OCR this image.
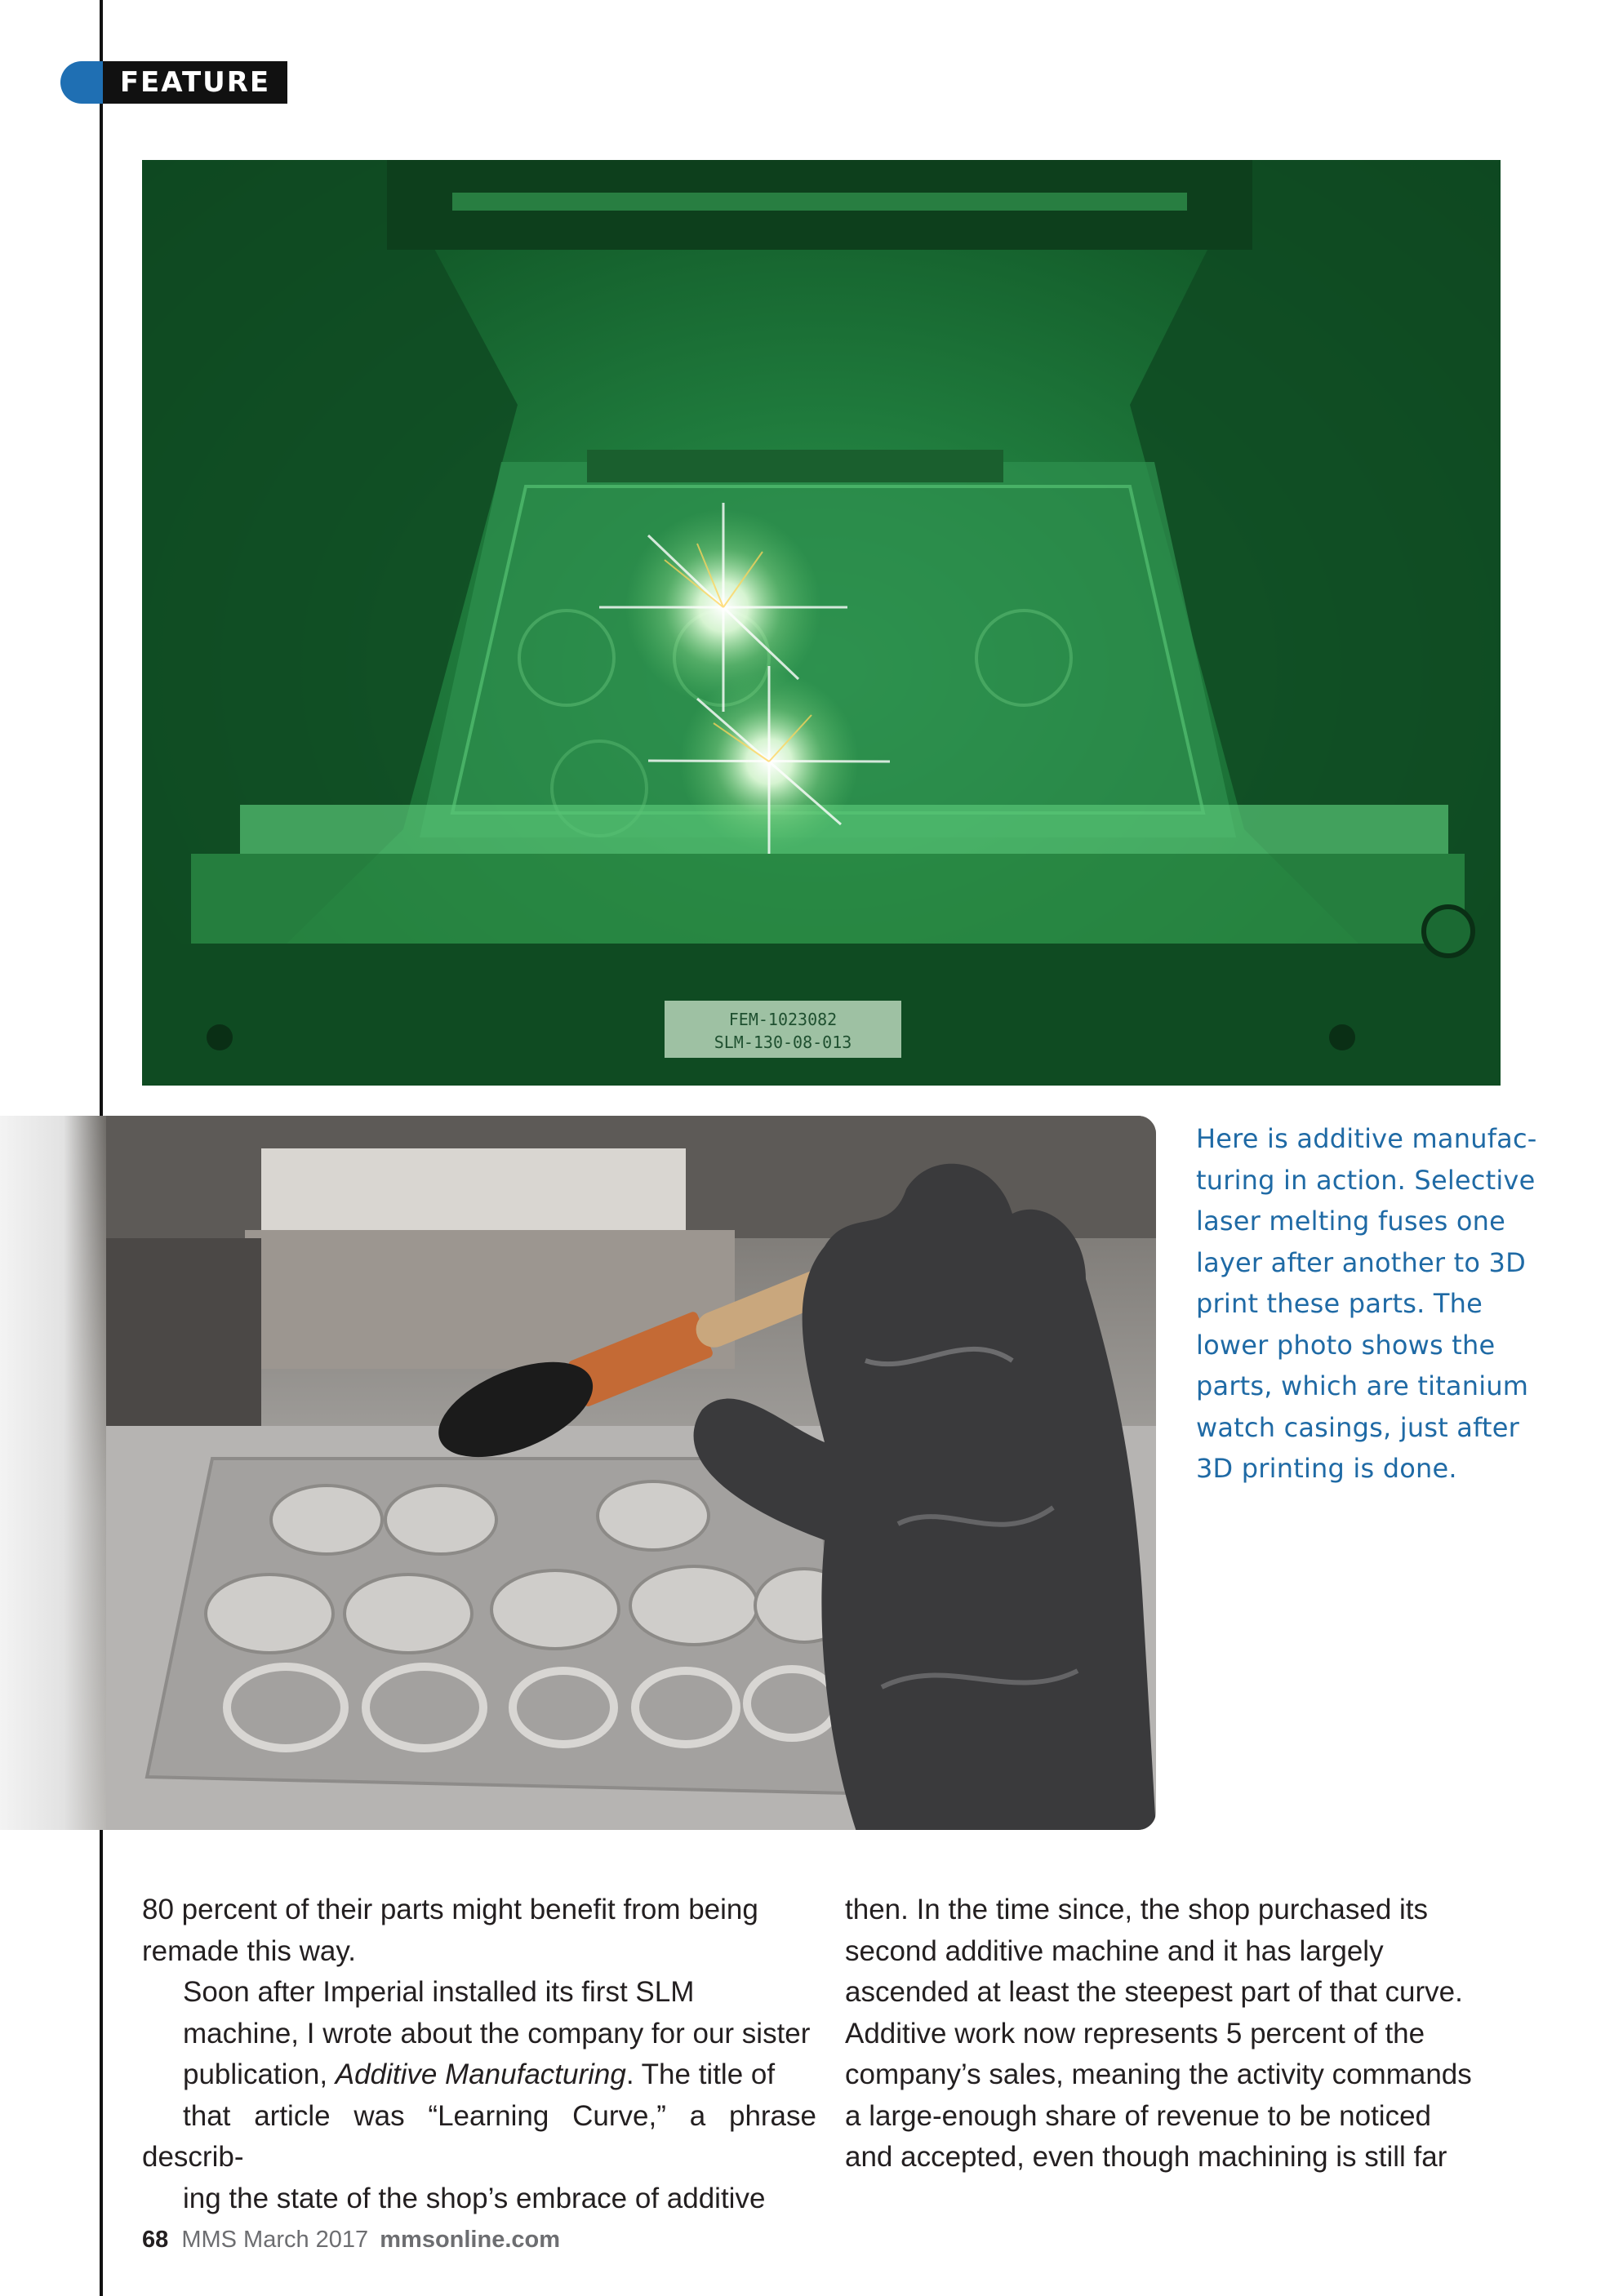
FEATURE
FEM-1023082
SLM-130-08-013

Here is additive manufac-

turing in action. Selective

laser melting fuses one

layer after another to 3D

print these parts. The

lower photo shows the

parts, which are titanium

watch casings, just after

3D printing is done.

80 percent of their parts might benefit from being
remade this way.

Soon after Imperial installed its first SLM
machine, I wrote about the company for our sister
publication, Additive Manufacturing. The title of
that article was “Learning Curve,” a phrase describ-
ing the state of the shop’s embrace of additive

then. In the time since, the shop purchased its
second additive machine and it has largely
ascended at least the steepest part of that curve.
Additive work now represents 5 percent of the
company’s sales, meaning the activity commands
a large-enough share of revenue to be noticed
and accepted, even though machining is still far

68 MMS March 2017 mmsonline.com
